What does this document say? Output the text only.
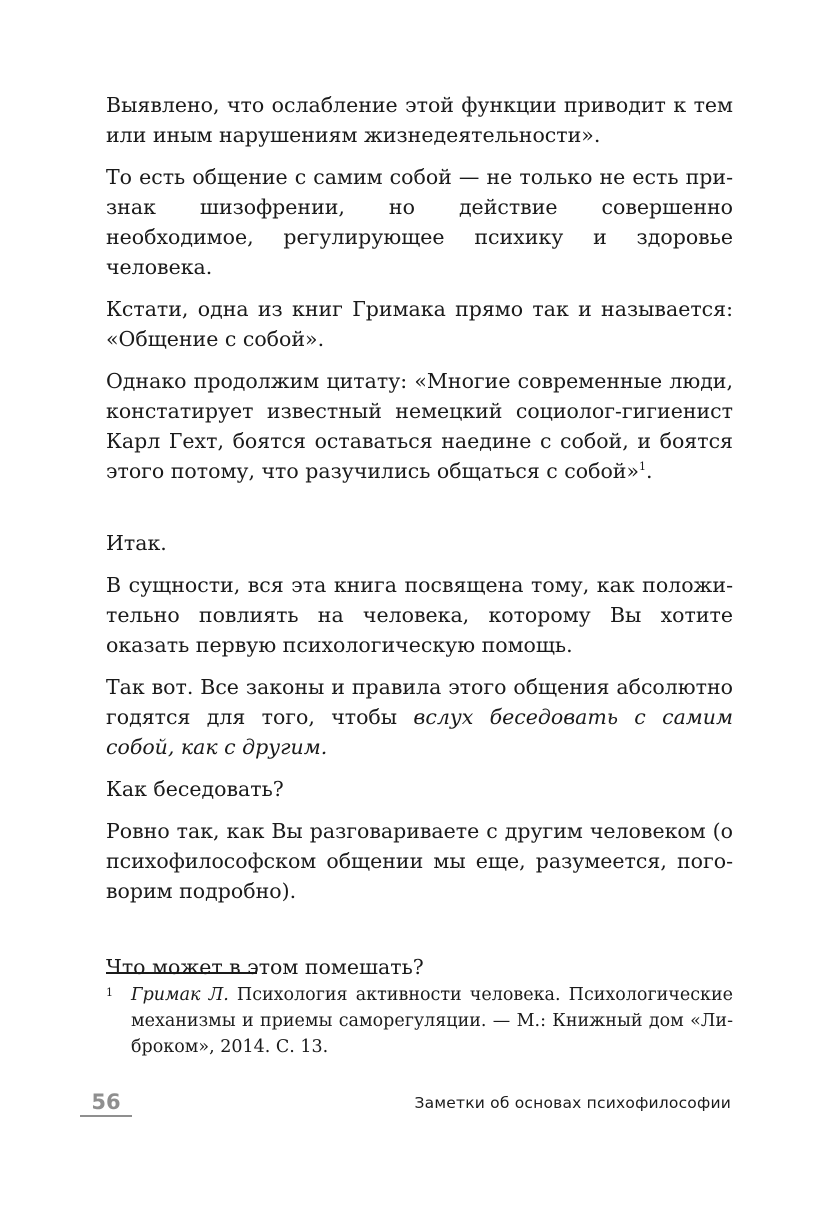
Выявлено, что ослабление этой функции приводит к тем или иным нарушениям жизнедеятельности».

То есть общение с самим собой — не только не есть признак шизофрении, но действие совершенно необходимое, регулирующее психику и здоровье человека.

Кстати, одна из книг Гримака прямо так и называется: «Общение с собой».

Однако продолжим цитату: «Многие современные люди, констатирует известный немецкий социолог-гигиенист Карл Гехт, боятся оставаться наедине с собой, и боятся этого потому, что разучились общаться с собой»$^1$.

Итак.

В сущности, вся эта книга посвящена тому, как положительно повлиять на человека, которому Вы хотите оказать первую психологическую помощь.

Так вот. Все законы и правила этого общения абсолютно годятся для того, чтобы вслух беседовать с самим собой, как с другим.

Как беседовать?

Ровно так, как Вы разговариваете с другим человеком (о психофилософском общении мы еще, разумеется, поговорим подробно).

Что может в этом помешать?

1 Гримак Л. Психология активности человека. Психологические механизмы и приемы саморегуляции. — М.: Книжный дом «Либроком», 2014. С. 13.
56	Заметки об основах психофилософии
